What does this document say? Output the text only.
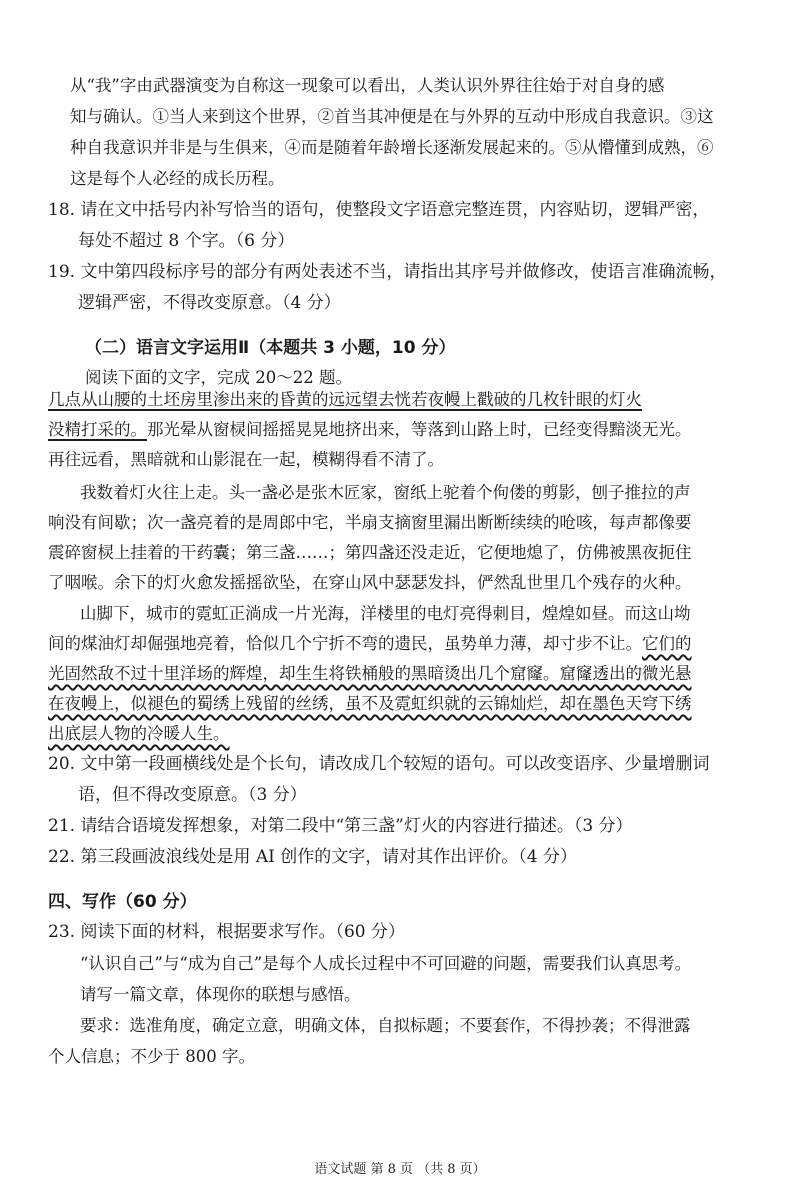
从“我”字由武器演变为自称这一现象可以看出，人类认识外界往往始于对自身的感
知与确认。①当人来到这个世界，②首当其冲便是在与外界的互动中形成自我意识。③这
种自我意识并非是与生俱来，④而是随着年龄增长逐渐发展起来的。⑤从懵懂到成熟，⑥
这是每个人必经的成长历程。
18. 请在文中括号内补写恰当的语句，使整段文字语意完整连贯，内容贴切，逻辑严密，
每处不超过 8 个字。（6 分）
19. 文中第四段标序号的部分有两处表述不当，请指出其序号并做修改，使语言准确流畅，
逻辑严密，不得改变原意。（4 分）
（二）语言文字运用Ⅱ（本题共 3 小题，10 分）
阅读下面的文字，完成 20～22 题。
几点从山腰的土坯房里渗出来的昏黄的远远望去恍若夜幔上戳破的几枚针眼的灯火
没精打采的。那光晕从窗棂间摇摇晃晃地挤出来，等落到山路上时，已经变得黯淡无光。
再往远看，黑暗就和山影混在一起，模糊得看不清了。
我数着灯火往上走。头一盏必是张木匠家，窗纸上驼着个佝偻的剪影，刨子推拉的声
响没有间歇；次一盏亮着的是周郎中宅，半扇支摘窗里漏出断断续续的呛咳，每声都像要
震碎窗棂上挂着的干药囊；第三盏……；第四盏还没走近，它便地熄了，仿佛被黑夜扼住
了咽喉。余下的灯火愈发摇摇欲坠，在穿山风中瑟瑟发抖，俨然乱世里几个残存的火种。
山脚下，城市的霓虹正淌成一片光海，洋楼里的电灯亮得刺目，煌煌如昼。而这山坳
间的煤油灯却倔强地亮着，恰似几个宁折不弯的遗民，虽势单力薄，却寸步不让。它们的
光固然敌不过十里洋场的辉煌，却生生将铁桶般的黑暗烫出几个窟窿。窟窿透出的微光悬
在夜幔上，似褪色的蜀绣上残留的丝绣，虽不及霓虹织就的云锦灿烂，却在墨色天穹下绣
出底层人物的冷暖人生。
20. 文中第一段画横线处是个长句，请改成几个较短的语句。可以改变语序、少量增删词
语，但不得改变原意。（3 分）
21. 请结合语境发挥想象，对第二段中“第三盏”灯火的内容进行描述。（3 分）
22. 第三段画波浪线处是用 AI 创作的文字，请对其作出评价。（4 分）
四、写作（60 分）
23. 阅读下面的材料，根据要求写作。（60 分）
“认识自己”与“成为自己”是每个人成长过程中不可回避的问题，需要我们认真思考。
请写一篇文章，体现你的联想与感悟。
要求：选准角度，确定立意，明确文体，自拟标题；不要套作，不得抄袭；不得泄露
个人信息；不少于 800 字。
语文试题 第 8 页 （共 8 页）
